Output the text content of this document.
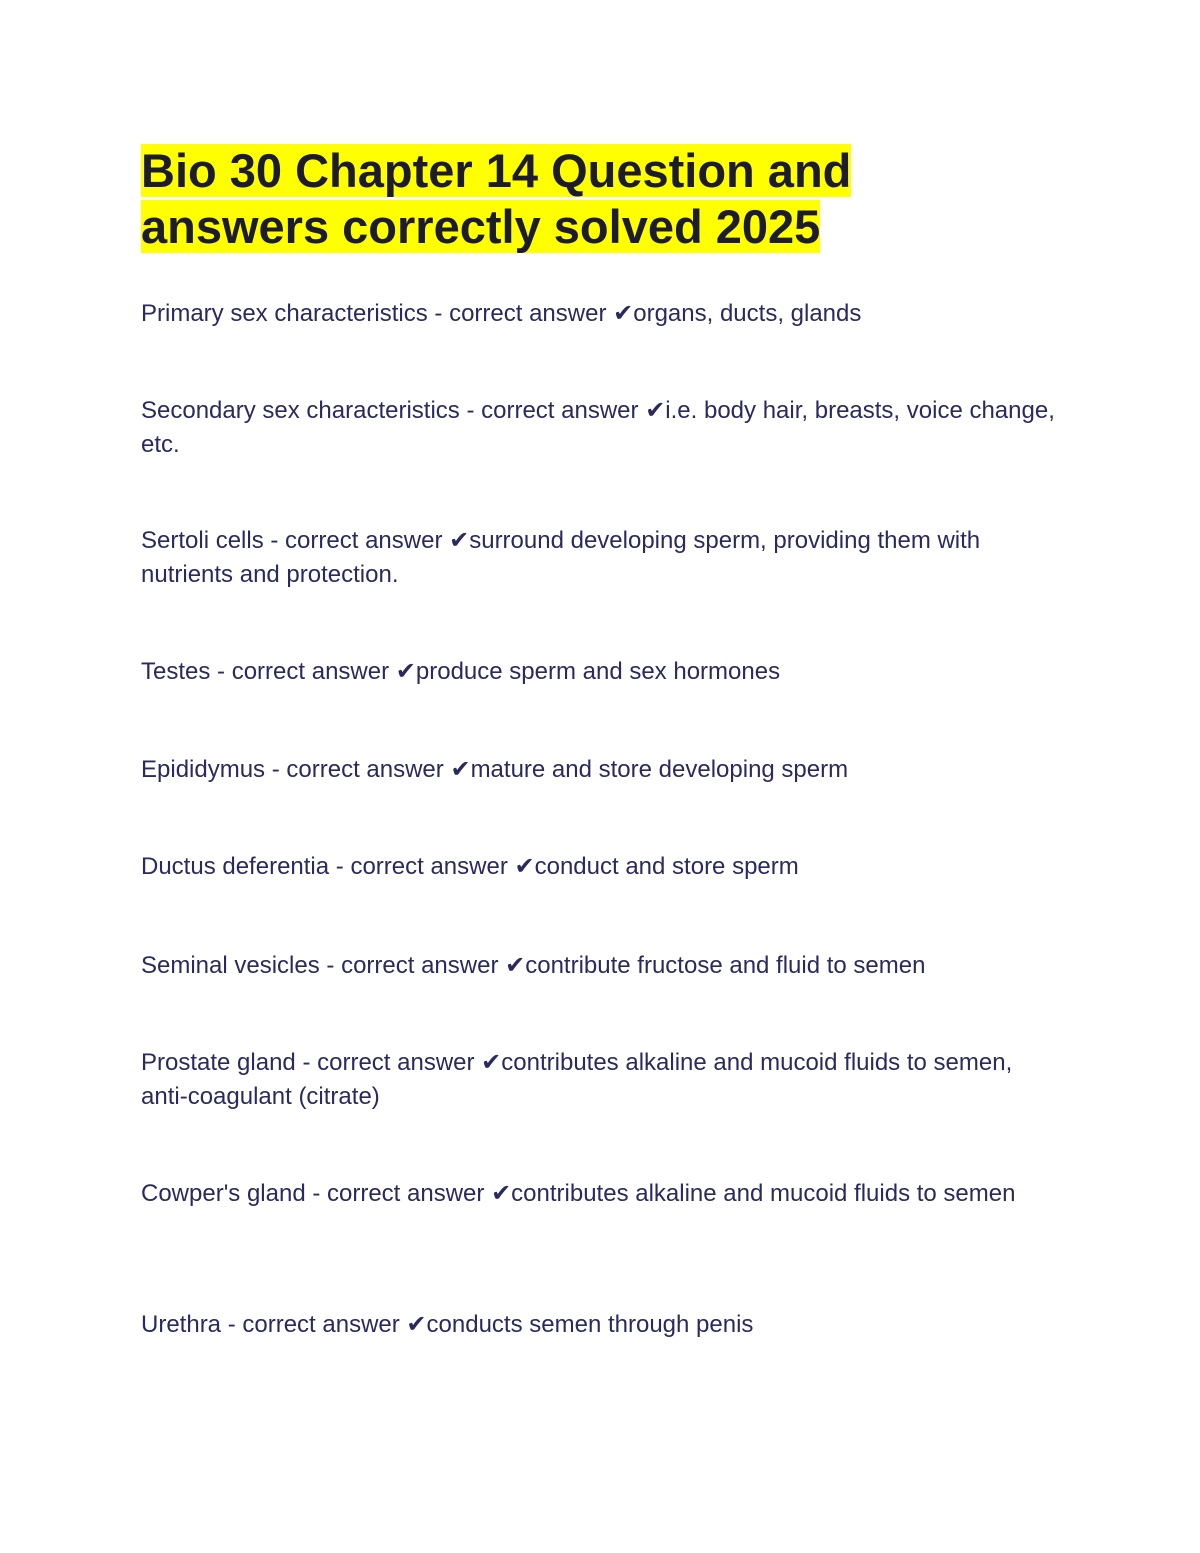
Bio 30 Chapter 14 Question and
answers correctly solved 2025

Primary sex characteristics - correct answer ✔organs, ducts, glands

Secondary sex characteristics - correct answer ✔i.e. body hair, breasts, voice change, etc.

Sertoli cells - correct answer ✔surround developing sperm, providing them with nutrients and protection.

Testes - correct answer ✔produce sperm and sex hormones

Epididymus - correct answer ✔mature and store developing sperm

Ductus deferentia - correct answer ✔conduct and store sperm

Seminal vesicles - correct answer ✔contribute fructose and fluid to semen

Prostate gland - correct answer ✔contributes alkaline and mucoid fluids to semen, anti-coagulant (citrate)

Cowper's gland - correct answer ✔contributes alkaline and mucoid fluids to semen

Urethra - correct answer ✔conducts semen through penis
